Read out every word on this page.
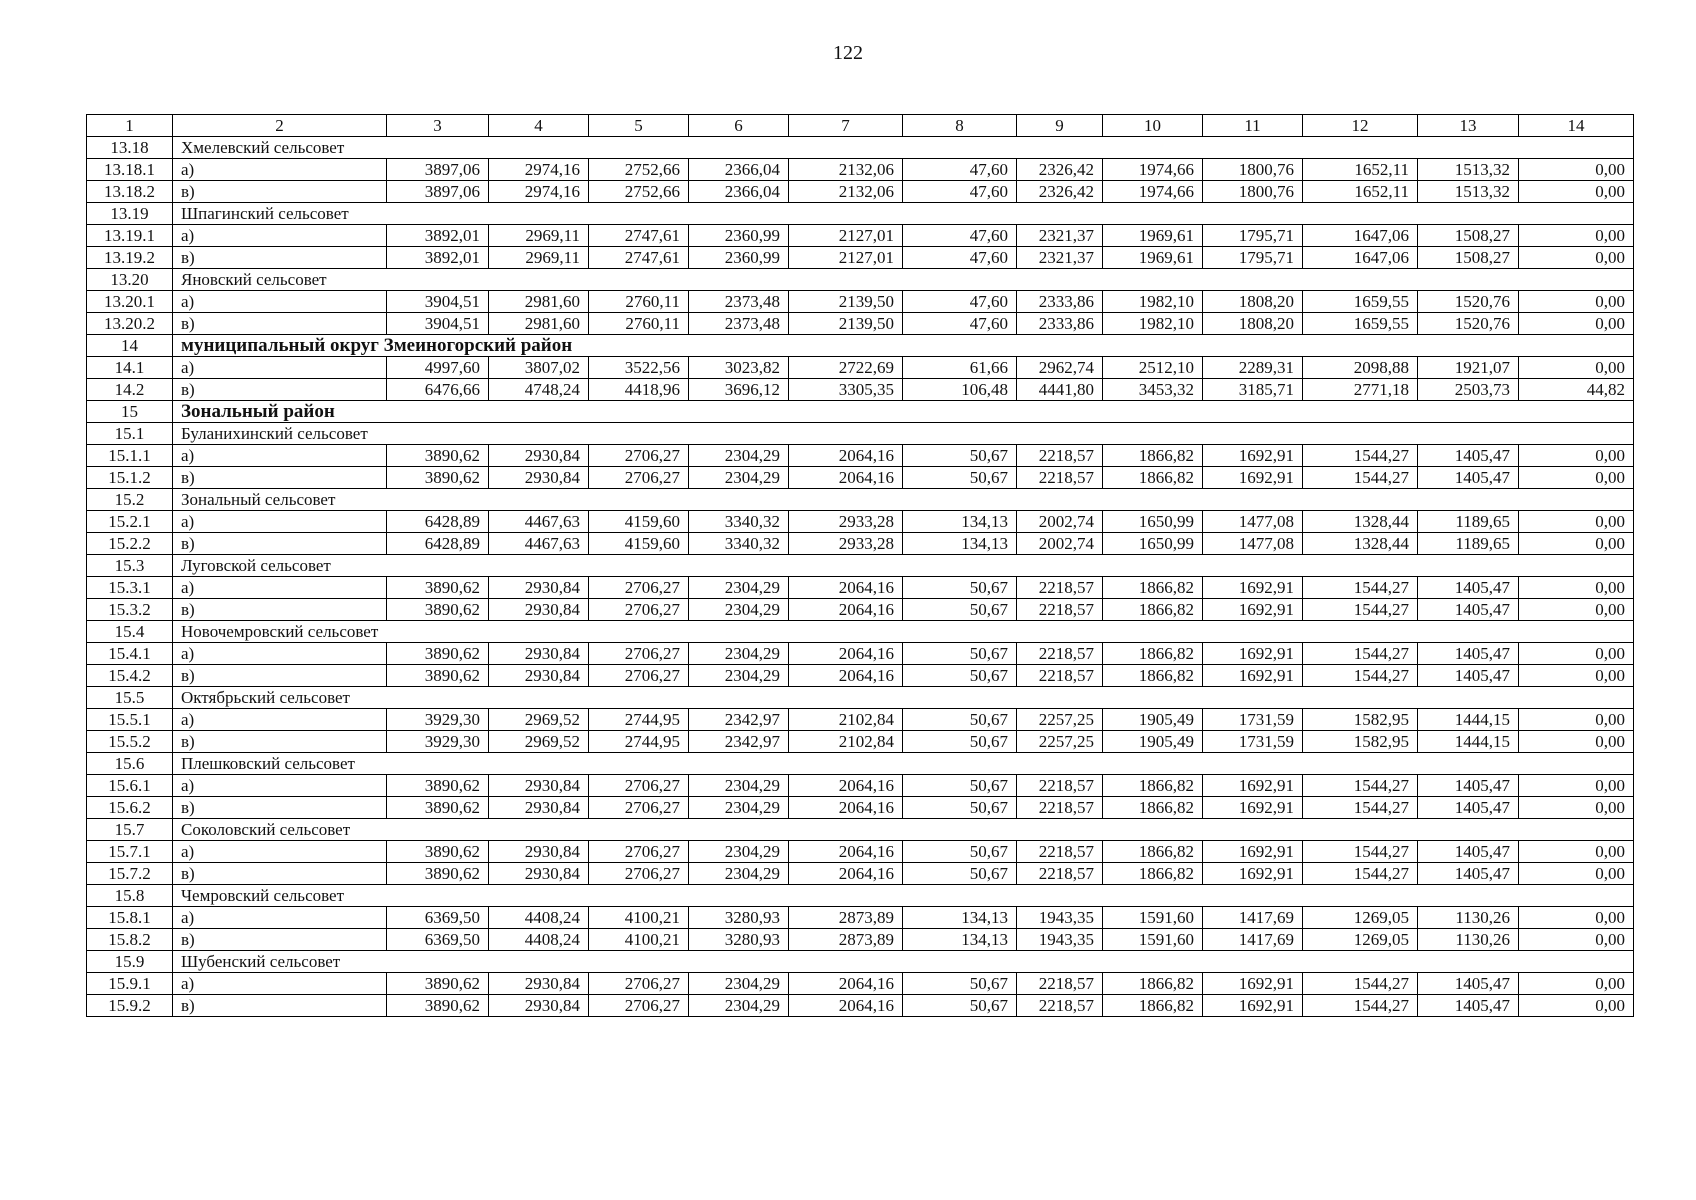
122
1	2	3	4	5	6	7	8	9	10	11	12	13	14
13.18	Хмелевский сельсовет												
13.18.1	а)	3897,06	2974,16	2752,66	2366,04	2132,06	47,60	2326,42	1974,66	1800,76	1652,11	1513,32	0,00
13.18.2	в)	3897,06	2974,16	2752,66	2366,04	2132,06	47,60	2326,42	1974,66	1800,76	1652,11	1513,32	0,00
13.19	Шпагинский сельсовет												
13.19.1	а)	3892,01	2969,11	2747,61	2360,99	2127,01	47,60	2321,37	1969,61	1795,71	1647,06	1508,27	0,00
13.19.2	в)	3892,01	2969,11	2747,61	2360,99	2127,01	47,60	2321,37	1969,61	1795,71	1647,06	1508,27	0,00
13.20	Яновский сельсовет												
13.20.1	а)	3904,51	2981,60	2760,11	2373,48	2139,50	47,60	2333,86	1982,10	1808,20	1659,55	1520,76	0,00
13.20.2	в)	3904,51	2981,60	2760,11	2373,48	2139,50	47,60	2333,86	1982,10	1808,20	1659,55	1520,76	0,00
14	муниципальный округ Змеиногорский район												
14.1	а)	4997,60	3807,02	3522,56	3023,82	2722,69	61,66	2962,74	2512,10	2289,31	2098,88	1921,07	0,00
14.2	в)	6476,66	4748,24	4418,96	3696,12	3305,35	106,48	4441,80	3453,32	3185,71	2771,18	2503,73	44,82
15	Зональный район												
15.1	Буланихинский сельсовет												
15.1.1	а)	3890,62	2930,84	2706,27	2304,29	2064,16	50,67	2218,57	1866,82	1692,91	1544,27	1405,47	0,00
15.1.2	в)	3890,62	2930,84	2706,27	2304,29	2064,16	50,67	2218,57	1866,82	1692,91	1544,27	1405,47	0,00
15.2	Зональный сельсовет												
15.2.1	а)	6428,89	4467,63	4159,60	3340,32	2933,28	134,13	2002,74	1650,99	1477,08	1328,44	1189,65	0,00
15.2.2	в)	6428,89	4467,63	4159,60	3340,32	2933,28	134,13	2002,74	1650,99	1477,08	1328,44	1189,65	0,00
15.3	Луговской сельсовет												
15.3.1	а)	3890,62	2930,84	2706,27	2304,29	2064,16	50,67	2218,57	1866,82	1692,91	1544,27	1405,47	0,00
15.3.2	в)	3890,62	2930,84	2706,27	2304,29	2064,16	50,67	2218,57	1866,82	1692,91	1544,27	1405,47	0,00
15.4	Новочемровский сельсовет												
15.4.1	а)	3890,62	2930,84	2706,27	2304,29	2064,16	50,67	2218,57	1866,82	1692,91	1544,27	1405,47	0,00
15.4.2	в)	3890,62	2930,84	2706,27	2304,29	2064,16	50,67	2218,57	1866,82	1692,91	1544,27	1405,47	0,00
15.5	Октябрьский сельсовет												
15.5.1	а)	3929,30	2969,52	2744,95	2342,97	2102,84	50,67	2257,25	1905,49	1731,59	1582,95	1444,15	0,00
15.5.2	в)	3929,30	2969,52	2744,95	2342,97	2102,84	50,67	2257,25	1905,49	1731,59	1582,95	1444,15	0,00
15.6	Плешковский сельсовет												
15.6.1	а)	3890,62	2930,84	2706,27	2304,29	2064,16	50,67	2218,57	1866,82	1692,91	1544,27	1405,47	0,00
15.6.2	в)	3890,62	2930,84	2706,27	2304,29	2064,16	50,67	2218,57	1866,82	1692,91	1544,27	1405,47	0,00
15.7	Соколовский сельсовет												
15.7.1	а)	3890,62	2930,84	2706,27	2304,29	2064,16	50,67	2218,57	1866,82	1692,91	1544,27	1405,47	0,00
15.7.2	в)	3890,62	2930,84	2706,27	2304,29	2064,16	50,67	2218,57	1866,82	1692,91	1544,27	1405,47	0,00
15.8	Чемровский сельсовет												
15.8.1	а)	6369,50	4408,24	4100,21	3280,93	2873,89	134,13	1943,35	1591,60	1417,69	1269,05	1130,26	0,00
15.8.2	в)	6369,50	4408,24	4100,21	3280,93	2873,89	134,13	1943,35	1591,60	1417,69	1269,05	1130,26	0,00
15.9	Шубенский сельсовет												
15.9.1	а)	3890,62	2930,84	2706,27	2304,29	2064,16	50,67	2218,57	1866,82	1692,91	1544,27	1405,47	0,00
15.9.2	в)	3890,62	2930,84	2706,27	2304,29	2064,16	50,67	2218,57	1866,82	1692,91	1544,27	1405,47	0,00
